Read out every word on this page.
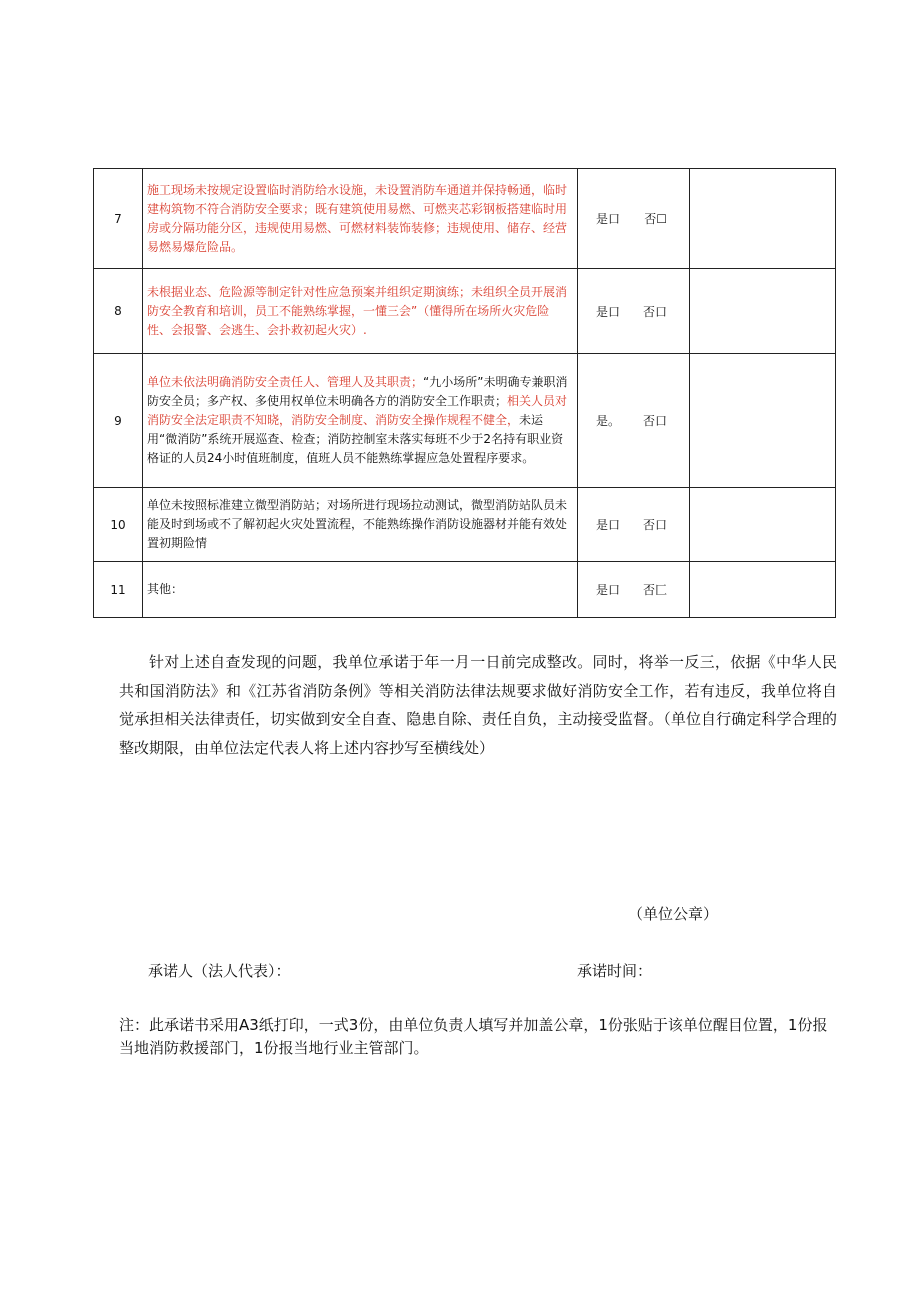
7	施工现场未按规定设置临时消防给水设施，未设置消防车通道并保持畅通，临时建构筑物不符合消防安全要求；既有建筑使用易燃、可燃夹芯彩钢板搭建临时用房或分隔功能分区，违规使用易燃、可燃材料装饰装修；违规使用、储存、经营易燃易爆危险品。	是口 否☐	

8	未根据业态、危险源等制定针对性应急预案并组织定期演练；未组织全员开展消防安全教育和培训，员工不能熟练掌握，一懂三会”（懂得所在场所火灾危险性、会报警、会逃生、会扑救初起火灾）.	是口 否口	

9	单位未依法明确消防安全责任人、管理人及其职责；“九小场所”未明确专兼职消防安全员；多产权、多使用权单位未明确各方的消防安全工作职责；相关人员对消防安全法定职责不知晓，消防安全制度、消防安全操作规程不健全，未运用“微消防”系统开展巡查、检查；消防控制室未落实每班不少于2名持有职业资格证的人员24小时值班制度，值班人员不能熟练掌握应急处置程序要求。	是。 否口	

10	单位未按照标准建立微型消防站；对场所进行现场拉动测试，微型消防站队员未能及时到场或不了解初起火灾处置流程，不能熟练操作消防设施器材并能有效处置初期险情	是口 否口	

11	其他：	是口 否匚	

针对上述自查发现的问题，我单位承诺于年一月一日前完成整改。同时，将举一反三，依据《中华人民共和国消防法》和《江苏省消防条例》等相关消防法律法规要求做好消防安全工作，若有违反，我单位将自觉承担相关法律责任，切实做到安全自查、隐患自除、责任自负，主动接受监督。（单位自行确定科学合理的整改期限，由单位法定代表人将上述内容抄写至横线处）

（单位公章）
承诺人（法人代表）：	承诺时间：
注：此承诺书采用A3纸打印，一式3份，由单位负责人填写并加盖公章，1份张贴于该单位醒目位置，1份报当地消防救援部门，1份报当地行业主管部门。
